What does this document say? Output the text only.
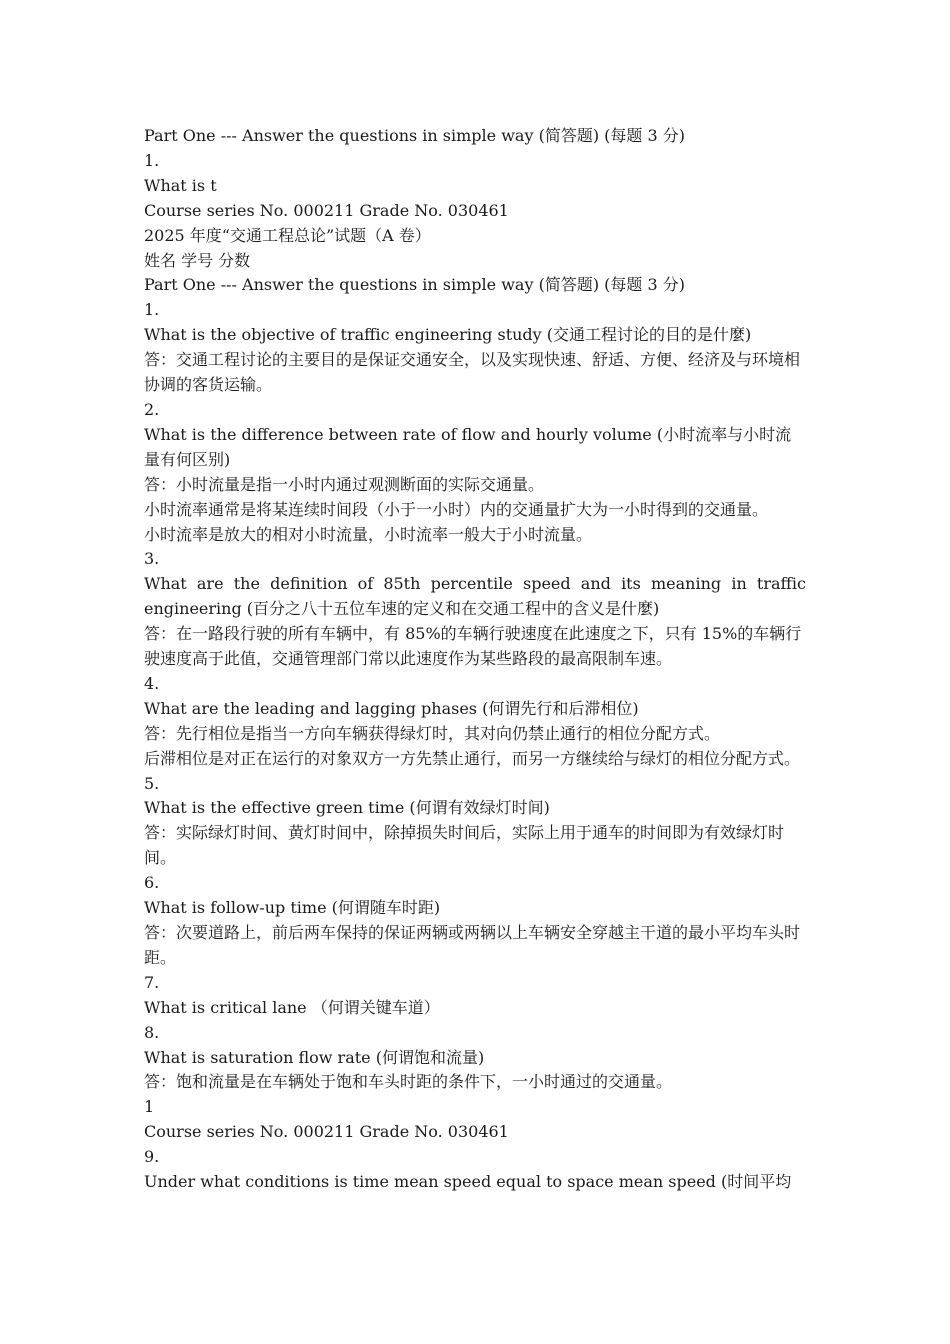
Part One --- Answer the questions in simple way (简答题) (每题 3 分)
1.
What is t
Course series No. 000211 Grade No. 030461
2025 年度“交通工程总论”试题（A 卷）
姓名 学号 分数
Part One --- Answer the questions in simple way (简答题) (每题 3 分)
1.
What is the objective of traffic engineering study (交通工程讨论的目的是什麼)
答：交通工程讨论的主要目的是保证交通安全，以及实现快速、舒适、方便、经济及与环境相协调的客货运输。
2.
What is the difference between rate of flow and hourly volume (小时流率与小时流量有何区别)
答：小时流量是指一小时内通过观测断面的实际交通量。
小时流率通常是将某连续时间段（小于一小时）内的交通量扩大为一小时得到的交通量。
小时流率是放大的相对小时流量，小时流率一般大于小时流量。
3.
What are the definition of 85th percentile speed and its meaning in traffic engineering (百分之八十五位车速的定义和在交通工程中的含义是什麼)
答：在一路段行驶的所有车辆中，有 85%的车辆行驶速度在此速度之下，只有 15%的车辆行驶速度高于此值，交通管理部门常以此速度作为某些路段的最高限制车速。
4.
What are the leading and lagging phases (何谓先行和后滞相位)
答：先行相位是指当一方向车辆获得绿灯时，其对向仍禁止通行的相位分配方式。
后滞相位是对正在运行的对象双方一方先禁止通行，而另一方继续给与绿灯的相位分配方式。
5.
What is the effective green time (何谓有效绿灯时间)
答：实际绿灯时间、黄灯时间中，除掉损失时间后，实际上用于通车的时间即为有效绿灯时间。
6.
What is follow-up time (何谓随车时距)
答：次要道路上，前后两车保持的保证两辆或两辆以上车辆安全穿越主干道的最小平均车头时距。
7.
What is critical lane （何谓关键车道）
8.
What is saturation flow rate (何谓饱和流量)
答：饱和流量是在车辆处于饱和车头时距的条件下，一小时通过的交通量。
1
Course series No. 000211 Grade No. 030461
9.
Under what conditions is time mean speed equal to space mean speed (时间平均
